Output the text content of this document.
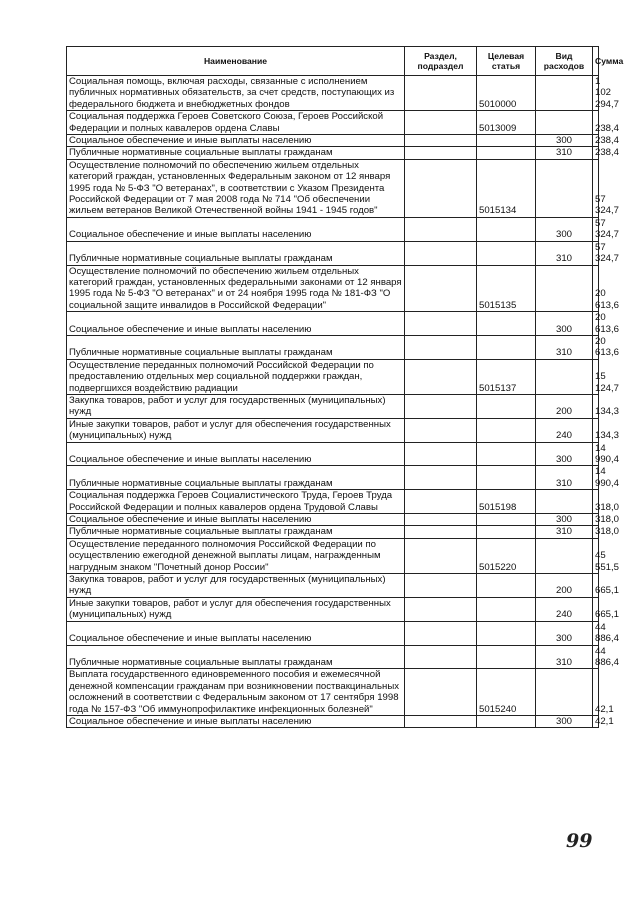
Наименование	Раздел, подраздел	Целевая статья	Вид расходов	Сумма
Социальная помощь, включая расходы, связанные с исполнением публичных нормативных обязательств, за счет средств, поступающих из федерального бюджета и внебюджетных фондов		5010000		1 102 294,7
Социальная поддержка Героев Советского Союза, Героев Российской Федерации и полных кавалеров ордена Славы		5013009		238,4
Социальное обеспечение и иные выплаты населению			300	238,4
Публичные нормативные социальные выплаты гражданам			310	238,4
Осуществление полномочий по обеспечению жильем отдельных категорий граждан, установленных Федеральным законом от 12 января 1995 года № 5-ФЗ "О ветеранах", в соответствии с Указом Президента Российской Федерации от 7 мая 2008 года № 714 "Об обеспечении жильем ветеранов Великой Отечественной войны 1941 - 1945 годов"		5015134		57 324,7
Социальное обеспечение и иные выплаты населению			300	57 324,7
Публичные нормативные социальные выплаты гражданам			310	57 324,7
Осуществление полномочий по обеспечению жильем отдельных категорий граждан, установленных федеральными законами от 12 января 1995 года № 5-ФЗ "О ветеранах" и от 24 ноября 1995 года № 181-ФЗ "О социальной защите инвалидов в Российской Федерации"		5015135		20 613,6
Социальное обеспечение и иные выплаты населению			300	20 613,6
Публичные нормативные социальные выплаты гражданам			310	20 613,6
Осуществление переданных полномочий Российской Федерации по предоставлению отдельных мер социальной поддержки граждан, подвергшихся воздействию радиации		5015137		15 124,7
Закупка товаров, работ и услуг для государственных (муниципальных) нужд			200	134,3
Иные закупки товаров, работ и услуг для обеспечения государственных (муниципальных) нужд			240	134,3
Социальное обеспечение и иные выплаты населению			300	14 990,4
Публичные нормативные социальные выплаты гражданам			310	14 990,4
Социальная поддержка Героев Социалистического Труда, Героев Труда Российской Федерации и полных кавалеров ордена Трудовой Славы		5015198		318,0
Социальное обеспечение и иные выплаты населению			300	318,0
Публичные нормативные социальные выплаты гражданам			310	318,0
Осуществление переданного полномочия Российской Федерации по осуществлению ежегодной денежной выплаты лицам, награжденным нагрудным знаком "Почетный донор России"		5015220		45 551,5
Закупка товаров, работ и услуг для государственных (муниципальных) нужд			200	665,1
Иные закупки товаров, работ и услуг для обеспечения государственных (муниципальных) нужд			240	665,1
Социальное обеспечение и иные выплаты населению			300	44 886,4
Публичные нормативные социальные выплаты гражданам			310	44 886,4
Выплата государственного единовременного пособия и ежемесячной денежной компенсации гражданам при возникновении поствакцинальных осложнений в соответствии с Федеральным законом от 17 сентября 1998 года № 157-ФЗ "Об иммунопрофилактике инфекционных болезней"		5015240		42,1
Социальное обеспечение и иные выплаты населению			300	42,1
99
